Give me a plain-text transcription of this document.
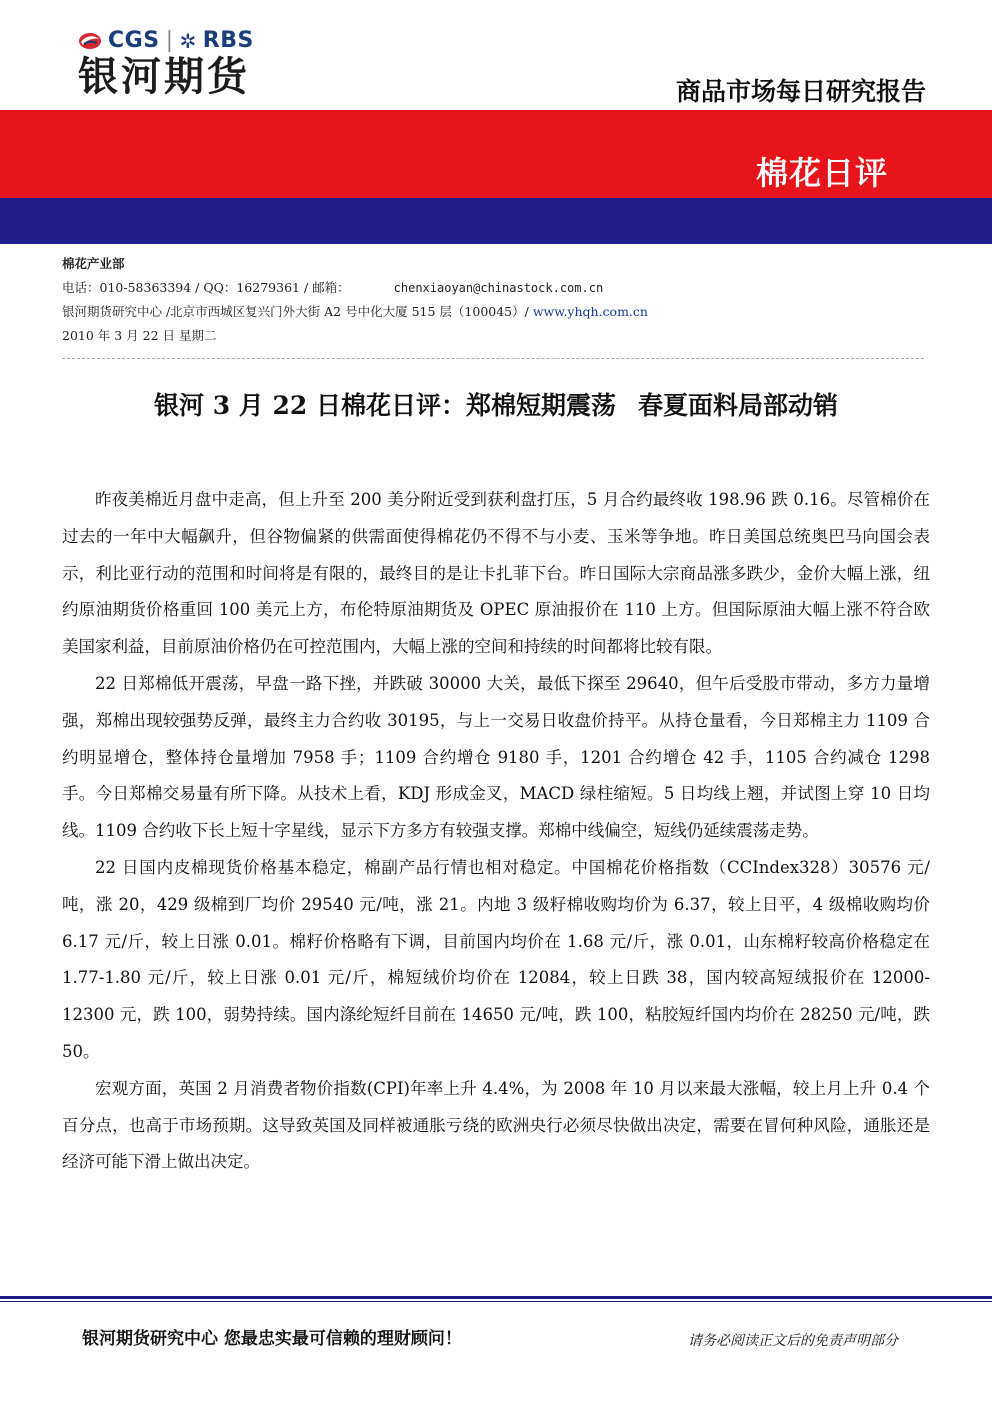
CGS | ✲ RBS
银河期货	商品市场每日研究报告
棉花日评
棉花产业部
电话：010-58363394 / QQ：16279361 / 邮箱：	chenxiaoyan@chinastock.com.cn
银河期货研究中心 /北京市西城区复兴门外大街 A2 号中化大厦 515 层（100045）/ www.yhqh.com.cn
2010 年 3 月 22 日 星期二
银河 3 月 22 日棉花日评：郑棉短期震荡 春夏面料局部动销

昨夜美棉近月盘中走高，但上升至 200 美分附近受到获利盘打压，5 月合约最终收 198.96 跌 0.16。尽管棉价在过去的一年中大幅飙升，但谷物偏紧的供需面使得棉花仍不得不与小麦、玉米等争地。昨日美国总统奥巴马向国会表示，利比亚行动的范围和时间将是有限的，最终目的是让卡扎菲下台。昨日国际大宗商品涨多跌少，金价大幅上涨，纽约原油期货价格重回 100 美元上方，布伦特原油期货及 OPEC 原油报价在 110 上方。但国际原油大幅上涨不符合欧美国家利益，目前原油价格仍在可控范围内，大幅上涨的空间和持续的时间都将比较有限。

22 日郑棉低开震荡，早盘一路下挫，并跌破 30000 大关，最低下探至 29640，但午后受股市带动，多方力量增强，郑棉出现较强势反弹，最终主力合约收 30195，与上一交易日收盘价持平。从持仓量看，今日郑棉主力 1109 合约明显增仓，整体持仓量增加 7958 手；1109 合约增仓 9180 手，1201 合约增仓 42 手，1105 合约减仓 1298 手。今日郑棉交易量有所下降。从技术上看，KDJ 形成金叉，MACD 绿柱缩短。5 日均线上翘，并试图上穿 10 日均线。1109 合约收下长上短十字星线，显示下方多方有较强支撑。郑棉中线偏空，短线仍延续震荡走势。

22 日国内皮棉现货价格基本稳定，棉副产品行情也相对稳定。中国棉花价格指数（CCIndex328）30576 元/吨，涨 20，429 级棉到厂均价 29540 元/吨，涨 21。内地 3 级籽棉收购均价为 6.37，较上日平，4 级棉收购均价 6.17 元/斤，较上日涨 0.01。棉籽价格略有下调，目前国内均价在 1.68 元/斤，涨 0.01，山东棉籽较高价格稳定在 1.77-1.80 元/斤，较上日涨 0.01 元/斤，棉短绒价均价在 12084，较上日跌 38，国内较高短绒报价在 12000-12300 元，跌 100，弱势持续。国内涤纶短纤目前在 14650 元/吨，跌 100，粘胶短纤国内均价在 28250 元/吨，跌 50。

宏观方面，英国 2 月消费者物价指数(CPI)年率上升 4.4%，为 2008 年 10 月以来最大涨幅，较上月上升 0.4 个百分点，也高于市场预期。这导致英国及同样被通胀亏绕的欧洲央行必须尽快做出决定，需要在冒何种风险，通胀还是经济可能下滑上做出决定。

银河期货研究中心 您最忠实最可信赖的理财顾问！	请务必阅读正文后的免责声明部分
